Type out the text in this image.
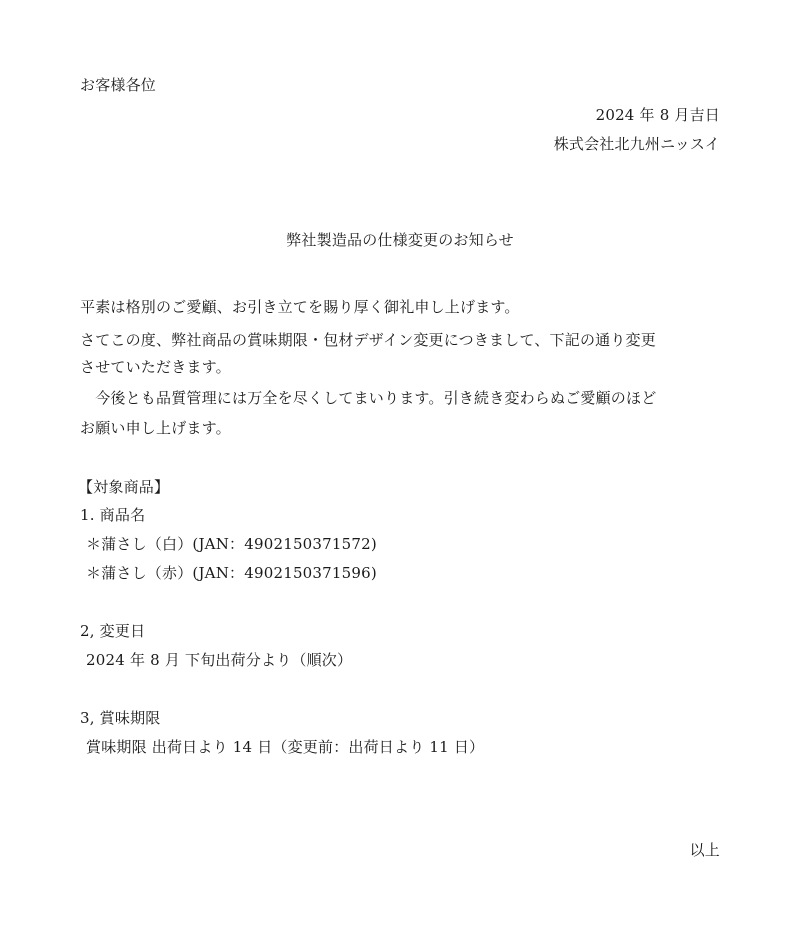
お客様各位
2024 年 8 月吉日
株式会社北九州ニッスイ
弊社製造品の仕様変更のお知らせ
平素は格別のご愛顧、お引き立てを賜り厚く御礼申し上げます。
さてこの度、弊社商品の賞味期限・包材デザイン変更につきまして、下記の通り変更
させていただきます。
　今後とも品質管理には万全を尽くしてまいります。引き続き変わらぬご愛顧のほど
お願い申し上げます。
【対象商品】
1. 商品名
＊蒲さし（白）(JAN：4902150371572)
＊蒲さし（赤）(JAN：4902150371596)
2, 変更日
2024 年 8 月 下旬出荷分より（順次）
3, 賞味期限
賞味期限 出荷日より 14 日（変更前：出荷日より 11 日）
以上
